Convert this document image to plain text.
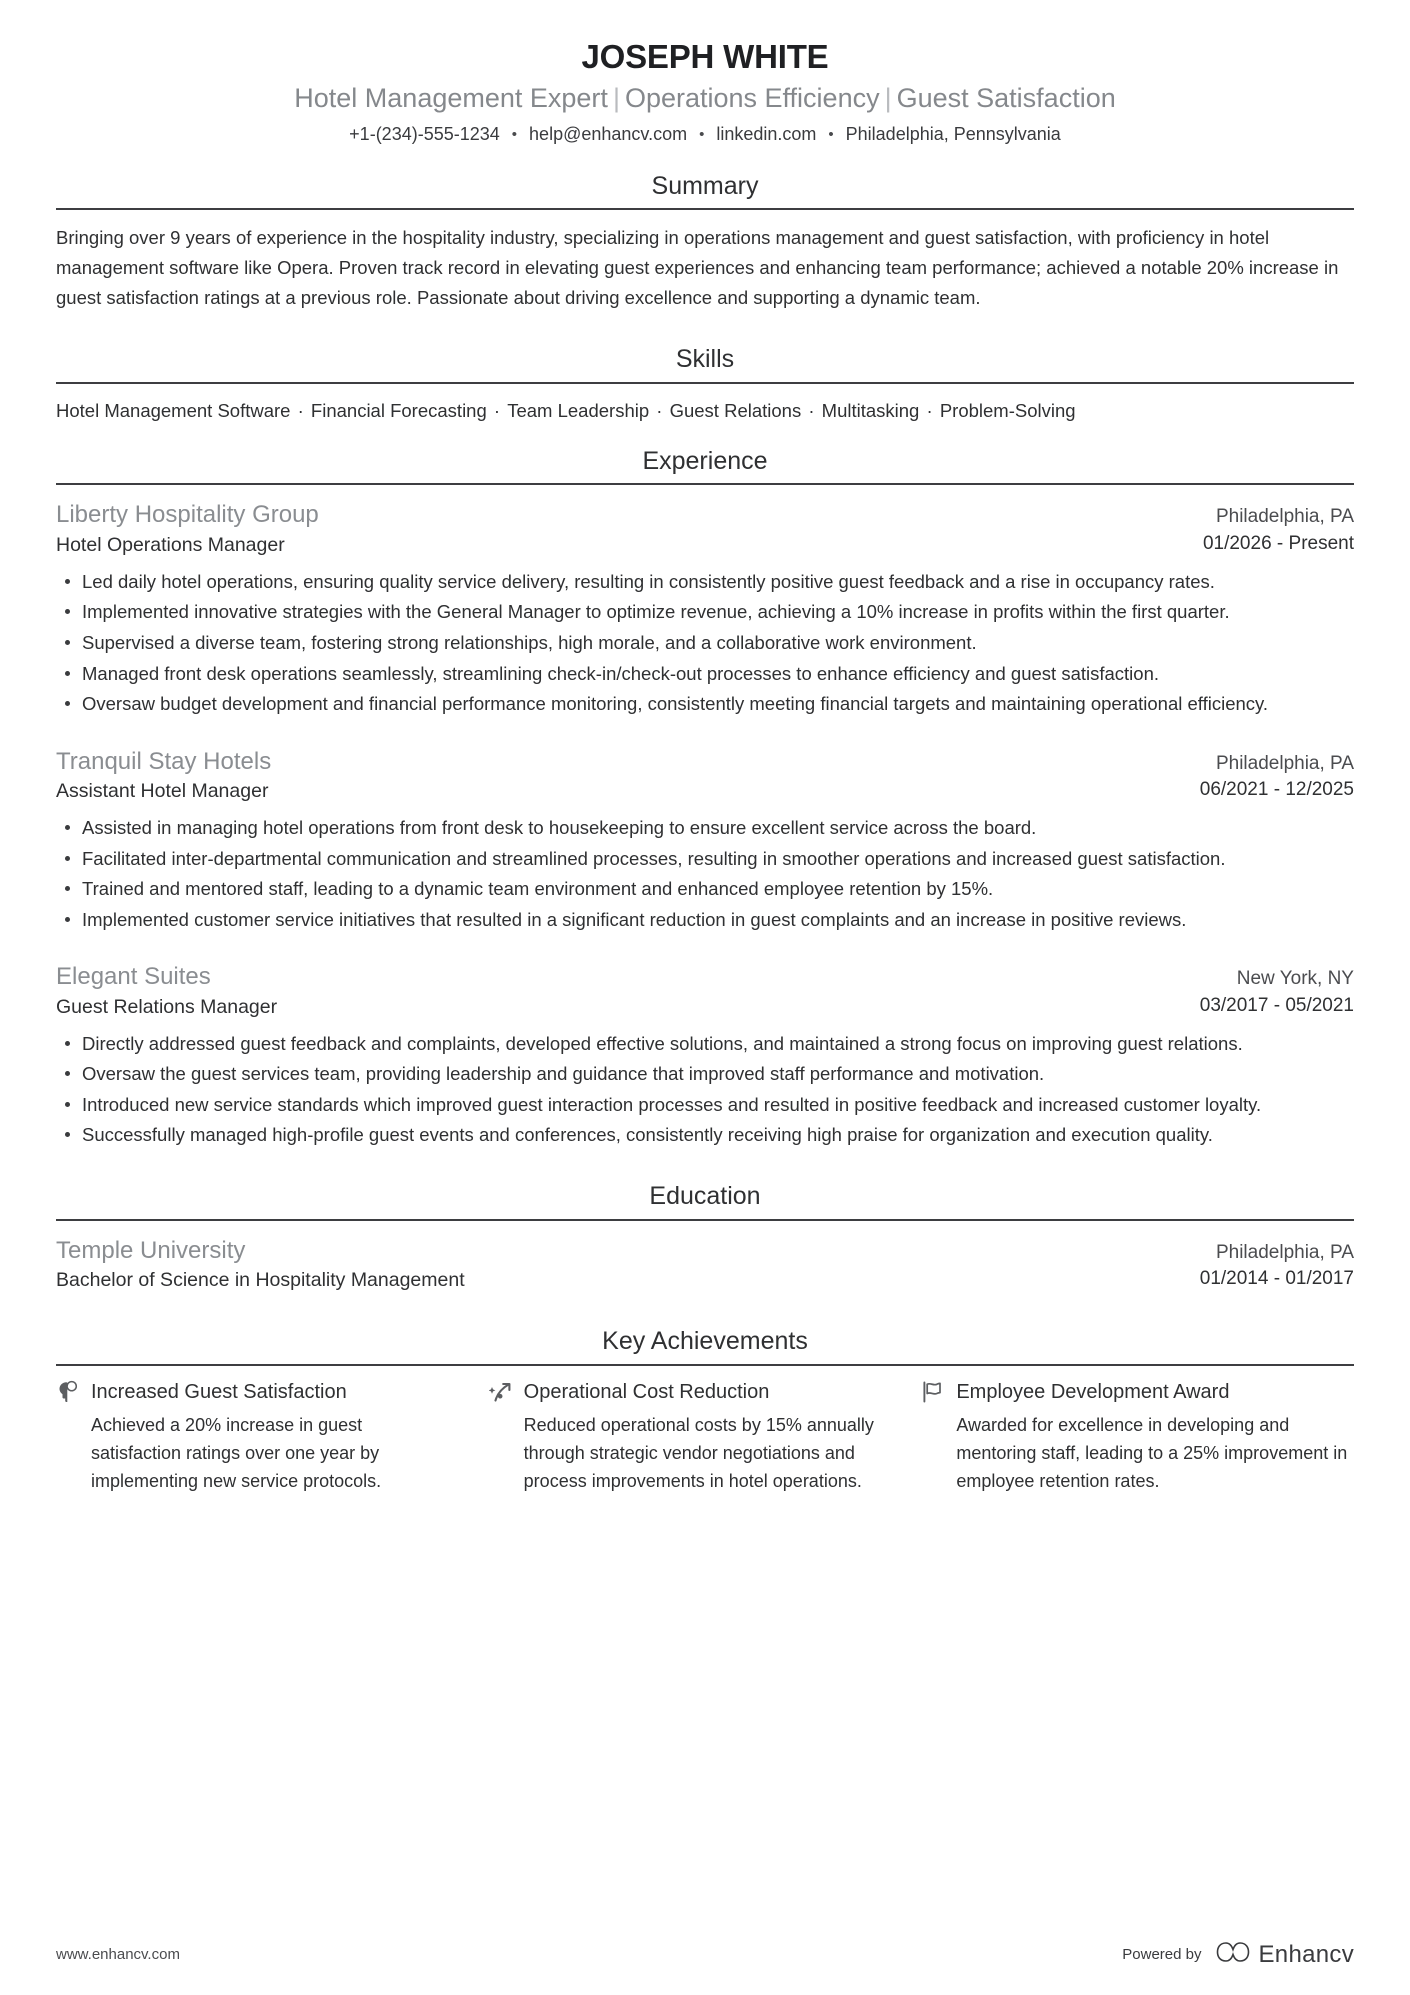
JOSEPH WHITE
Hotel Management Expert | Operations Efficiency | Guest Satisfaction
+1-(234)-555-1234 • help@enhancv.com • linkedin.com • Philadelphia, Pennsylvania
Summary

Bringing over 9 years of experience in the hospitality industry, specializing in operations management and guest satisfaction, with proficiency in hotel management software like Opera. Proven track record in elevating guest experiences and enhancing team performance; achieved a notable 20% increase in guest satisfaction ratings at a previous role. Passionate about driving excellence and supporting a dynamic team.

Skills
Hotel Management Software · Financial Forecasting · Team Leadership · Guest Relations · Multitasking · Problem-Solving
Experience
Liberty Hospitality Group
Hotel Operations Manager
Philadelphia, PA
01/2026 - Present
Led daily hotel operations, ensuring quality service delivery, resulting in consistently positive guest feedback and a rise in occupancy rates.
Implemented innovative strategies with the General Manager to optimize revenue, achieving a 10% increase in profits within the first quarter.
Supervised a diverse team, fostering strong relationships, high morale, and a collaborative work environment.
Managed front desk operations seamlessly, streamlining check-in/check-out processes to enhance efficiency and guest satisfaction.
Oversaw budget development and financial performance monitoring, consistently meeting financial targets and maintaining operational efficiency.
Tranquil Stay Hotels
Assistant Hotel Manager
Philadelphia, PA
06/2021 - 12/2025
Assisted in managing hotel operations from front desk to housekeeping to ensure excellent service across the board.
Facilitated inter-departmental communication and streamlined processes, resulting in smoother operations and increased guest satisfaction.
Trained and mentored staff, leading to a dynamic team environment and enhanced employee retention by 15%.
Implemented customer service initiatives that resulted in a significant reduction in guest complaints and an increase in positive reviews.
Elegant Suites
Guest Relations Manager
New York, NY
03/2017 - 05/2021
Directly addressed guest feedback and complaints, developed effective solutions, and maintained a strong focus on improving guest relations.
Oversaw the guest services team, providing leadership and guidance that improved staff performance and motivation.
Introduced new service standards which improved guest interaction processes and resulted in positive feedback and increased customer loyalty.
Successfully managed high-profile guest events and conferences, consistently receiving high praise for organization and execution quality.
Education
Temple University
Bachelor of Science in Hospitality Management
Philadelphia, PA
01/2014 - 01/2017
Key Achievements
Increased Guest Satisfaction
Achieved a 20% increase in guest satisfaction ratings over one year by implementing new service protocols.
Operational Cost Reduction
Reduced operational costs by 15% annually through strategic vendor negotiations and process improvements in hotel operations.
Employee Development Award
Awarded for excellence in developing and mentoring staff, leading to a 25% improvement in employee retention rates.
www.enhancv.com	Powered by Enhancv
